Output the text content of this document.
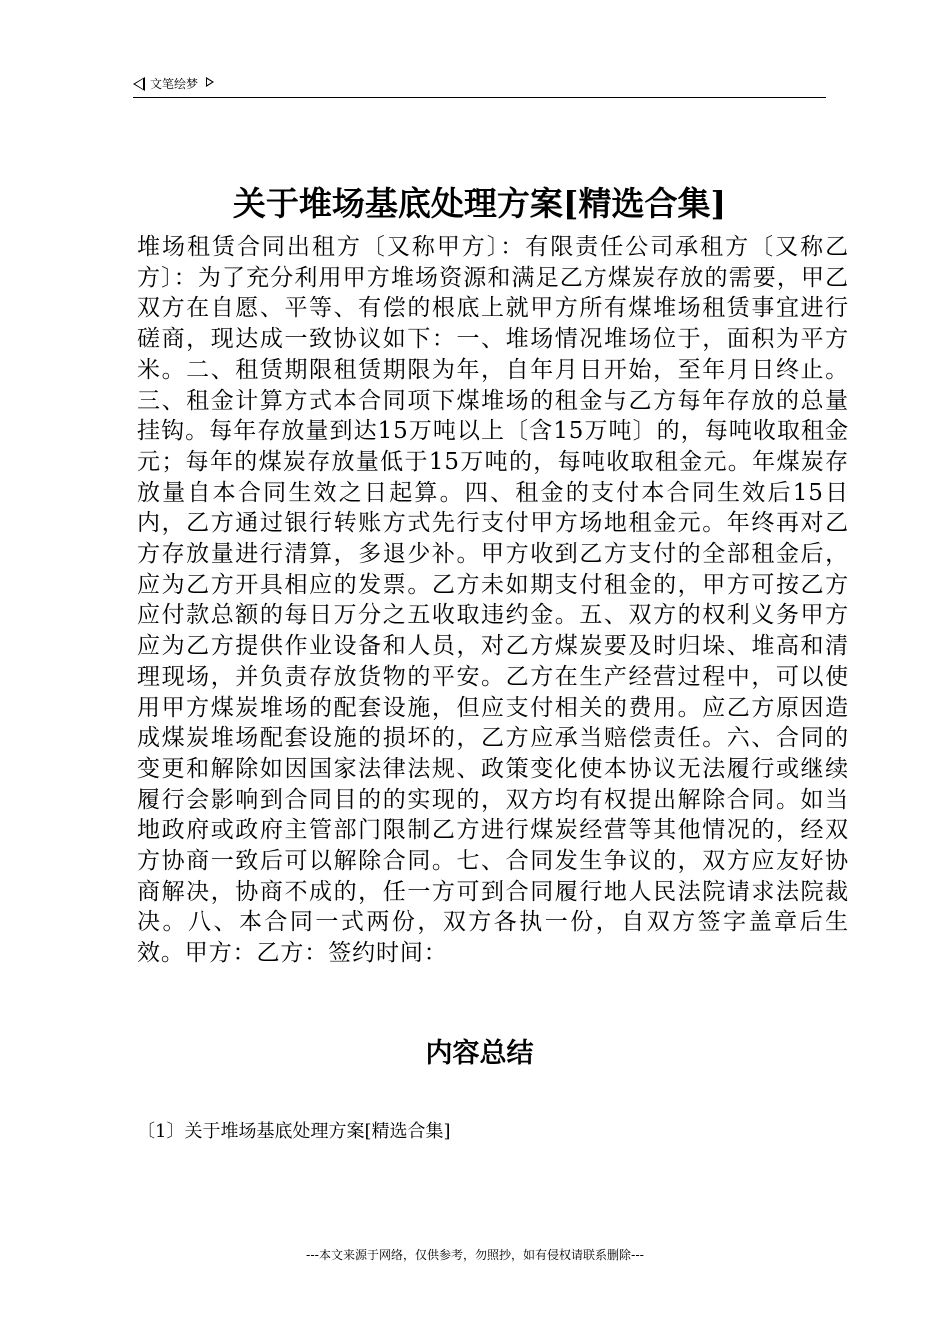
文笔绘梦
关于堆场基底处理方案[精选合集]

堆场租赁合同出租方〔又称甲方〕：有限责任公司承租方〔又称乙方〕：为了充分利用甲方堆场资源和满足乙方煤炭存放的需要，甲乙双方在自愿、平等、有偿的根底上就甲方所有煤堆场租赁事宜进行磋商，现达成一致协议如下：一、堆场情况堆场位于，面积为平方米。二、租赁期限租赁期限为年，自年月日开始，至年月日终止。三、租金计算方式本合同项下煤堆场的租金与乙方每年存放的总量挂钩。每年存放量到达15万吨以上〔含15万吨〕的，每吨收取租金元；每年的煤炭存放量低于15万吨的，每吨收取租金元。年煤炭存放量自本合同生效之日起算。四、租金的支付本合同生效后15日内，乙方通过银行转账方式先行支付甲方场地租金元。年终再对乙方存放量进行清算，多退少补。甲方收到乙方支付的全部租金后，应为乙方开具相应的发票。乙方未如期支付租金的，甲方可按乙方应付款总额的每日万分之五收取违约金。五、双方的权利义务甲方应为乙方提供作业设备和人员，对乙方煤炭要及时归垛、堆高和清理现场，并负责存放货物的平安。乙方在生产经营过程中，可以使用甲方煤炭堆场的配套设施，但应支付相关的费用。应乙方原因造成煤炭堆场配套设施的损坏的，乙方应承当赔偿责任。六、合同的变更和解除如因国家法律法规、政策变化使本协议无法履行或继续履行会影响到合同目的的实现的，双方均有权提出解除合同。如当地政府或政府主管部门限制乙方进行煤炭经营等其他情况的，经双方协商一致后可以解除合同。七、合同发生争议的，双方应友好协商解决，协商不成的，任一方可到合同履行地人民法院请求法院裁决。八、本合同一式两份，双方各执一份，自双方签字盖章后生效。甲方：乙方：签约时间：

内容总结
〔1〕关于堆场基底处理方案[精选合集]
---本文来源于网络，仅供参考，勿照抄，如有侵权请联系删除---
